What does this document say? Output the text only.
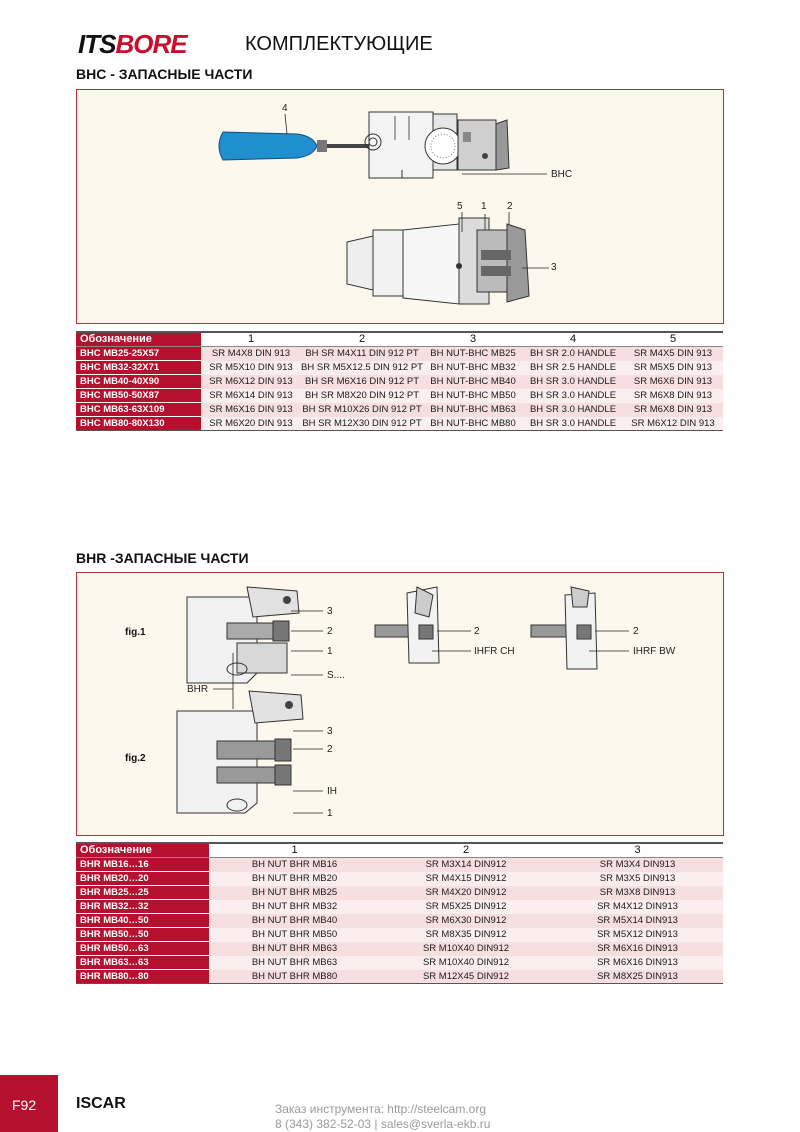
ITSBORE	КОМПЛЕКТУЮЩИЕ
BHC - ЗАПАСНЫЕ ЧАСТИ
4
BHC
5 1 2
3
Обозначение	1	2	3	4	5
BHC MB25-25X57	SR M4X8 DIN 913	BH SR M4X11 DIN 912 PT	BH NUT-BHC MB25	BH SR 2.0 HANDLE	SR M4X5 DIN 913
BHC MB32-32X71	SR M5X10 DIN 913	BH SR M5X12.5 DIN 912 PT	BH NUT-BHC MB32	BH SR 2.5 HANDLE	SR M5X5 DIN 913
BHC MB40-40X90	SR M6X12 DIN 913	BH SR M6X16 DIN 912 PT	BH NUT-BHC MB40	BH SR 3.0 HANDLE	SR M6X6 DIN 913
BHC MB50-50X87	SR M6X14 DIN 913	BH SR M8X20 DIN 912 PT	BH NUT-BHC MB50	BH SR 3.0 HANDLE	SR M6X8 DIN 913
BHC MB63-63X109	SR M6X16 DIN 913	BH SR M10X26 DIN 912 PT	BH NUT-BHC MB63	BH SR 3.0 HANDLE	SR M6X8 DIN 913
BHC MB80-80X130	SR M6X20 DIN 913	BH SR M12X30 DIN 912 PT	BH NUT-BHC MB80	BH SR 3.0 HANDLE	SR M6X12 DIN 913
BHR -ЗАПАСНЫЕ ЧАСТИ
fig.1
fig.2
BHR
3
2
1
S....
2
IHFR CH
2
IHRF BW
3
2
IH
1
Обозначение	1	2	3
BHR MB16…16	BH NUT BHR MB16	SR M3X14 DIN912	SR M3X4 DIN913
BHR MB20…20	BH NUT BHR MB20	SR M4X15 DIN912	SR M3X5 DIN913
BHR MB25…25	BH NUT BHR MB25	SR M4X20 DIN912	SR M3X8 DIN913
BHR MB32…32	BH NUT BHR MB32	SR M5X25 DIN912	SR M4X12 DIN913
BHR MB40…50	BH NUT BHR MB40	SR M6X30 DIN912	SR M5X14 DIN913
BHR MB50…50	BH NUT BHR MB50	SR M8X35 DIN912	SR M5X12 DIN913
BHR MB50…63	BH NUT BHR MB63	SR M10X40 DIN912	SR M6X16 DIN913
BHR MB63…63	BH NUT BHR MB63	SR M10X40 DIN912	SR M6X16 DIN913
BHR MB80…80	BH NUT BHR MB80	SR M12X45 DIN912	SR M8X25 DIN913
F92 ISCAR	Заказ инструмента: http://steelcam.org
8 (343) 382-52-03 | sales@sverla-ekb.ru
